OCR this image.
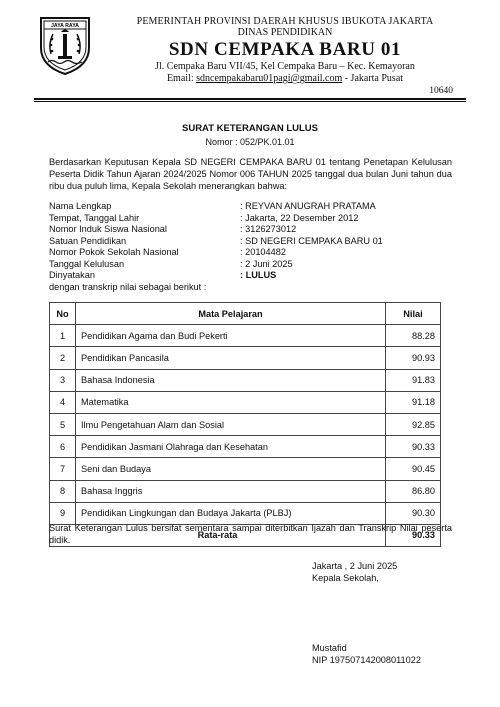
JAYA RAYA	PEMERINTAH PROVINSI DAERAH KHUSUS IBUKOTA JAKARTA
DINAS PENDIDIKAN
SDN CEMPAKA BARU 01
Jl. Cempaka Baru VII/45, Kel Cempaka Baru – Kec. Kemayoran
Email: sdncempakabaru01pagi@gmail.com - Jakarta Pusat
10640
SURAT KETERANGAN LULUS
Nomor : 052/PK.01.01
Berdasarkan Keputusan Kepala SD NEGERI CEMPAKA BARU 01 tentang Penetapan Kelulusan Peserta Didik Tahun Ajaran 2024/2025 Nomor 006 TAHUN 2025 tanggal dua bulan Juni tahun dua ribu dua puluh lima, Kepala Sekolah menerangkan bahwa:
Nama Lengkap	: REYVAN ANUGRAH PRATAMA
Tempat, Tanggal Lahir	: Jakarta, 22 Desember 2012
Nomor Induk Siswa Nasional	: 3126273012
Satuan Pendidikan	: SD NEGERI CEMPAKA BARU 01
Nomor Pokok Sekolah Nasional	: 20104482
Tanggal Kelulusan	: 2 Juni 2025
Dinyatakan	: LULUS
dengan transkrip nilai sebagai berikut :
No	Mata Pelajaran	Nilai
1	Pendidikan Agama dan Budi Pekerti	88.28
2	Pendidikan Pancasila	90.93
3	Bahasa Indonesia	91.83
4	Matematika	91.18
5	Ilmu Pengetahuan Alam dan Sosial	92.85
6	Pendidikan Jasmani Olahraga dan Kesehatan	90.33
7	Seni dan Budaya	90.45
8	Bahasa Inggris	86.80
9	Pendidikan Lingkungan dan Budaya Jakarta (PLBJ)	90.30
Rata-rata		90.33
Surat Keterangan Lulus bersifat sementara sampai diterbitkan Ijazah dan Transkrip Nilai peserta didik.
Jakarta , 2 Juni 2025
Kepala Sekolah,
Mustafid
NIP 197507142008011022
